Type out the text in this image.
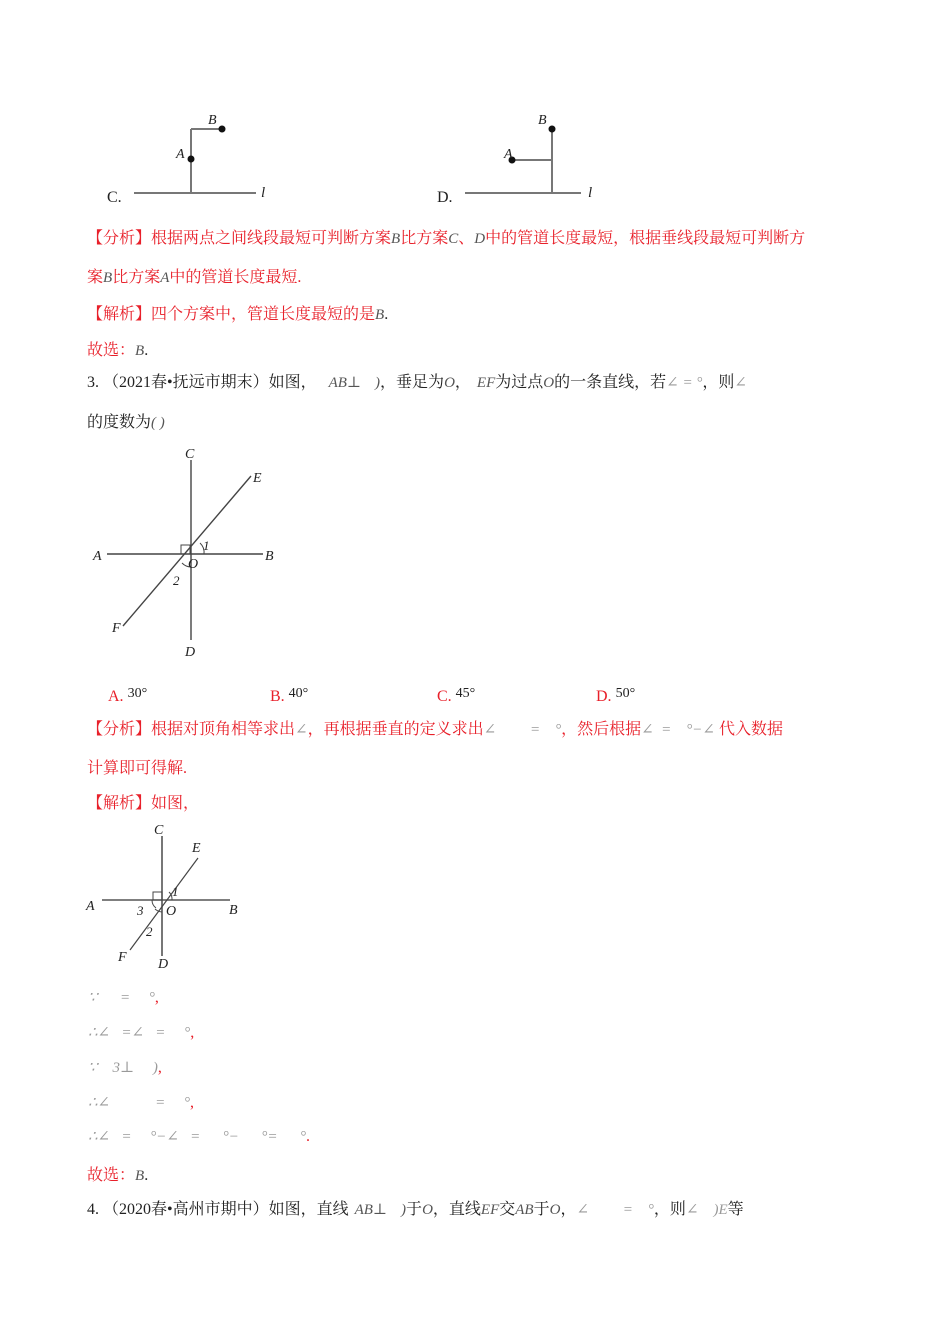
C.
B
A
l	D.
B
A
l
【分析】根据两点之间线段最短可判断方案B比方案C、D中的管道长度最短，根据垂线段最短可判断方
案B比方案A中的管道长度最短.
【解析】四个方案中，管道长度最短的是B.
故选：B.
3. （2021春•抚远市期末）如图， AB⊥ )，垂足为O， EF为过点O的一条直线，若∠ = °，则∠
的度数为( )
C
E
A	B
O
1
2
F
D
A. 30°	B. 40°	C. 45°	D. 50°
【分析】根据对顶角相等求出∠，再根据垂直的定义求出∠         =    °，然后根据∠  =    °−∠ 代入数据
计算即可得解.
【解析】如图，
C
E
A	B
O
1
2
3
F D
∵      =     °,
∴∠   =∠   =     °,
∵    3⊥     ),
∴∠            =     °,
∴∠   =     °−∠   =      °−      °=      °.
故选：B.
4. （2020春•高州市期中）如图，直线 AB⊥ )于O，直线EF交AB于O，∠         =    °，则∠    )E等
